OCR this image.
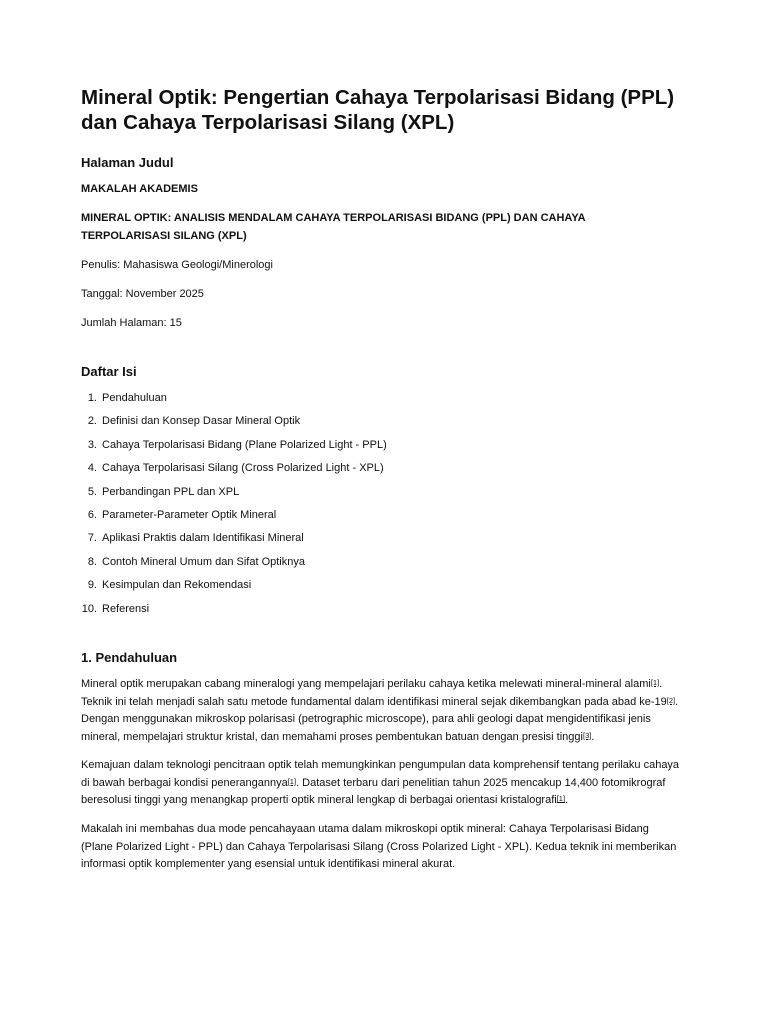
Mineral Optik: Pengertian Cahaya Terpolarisasi Bidang (PPL) dan Cahaya Terpolarisasi Silang (XPL)
Halaman Judul
MAKALAH AKADEMIS
MINERAL OPTIK: ANALISIS MENDALAM CAHAYA TERPOLARISASI BIDANG (PPL) DAN CAHAYA TERPOLARISASI SILANG (XPL)
Penulis: Mahasiswa Geologi/Minerologi
Tanggal: November 2025
Jumlah Halaman: 15
Daftar Isi
1. Pendahuluan
2. Definisi dan Konsep Dasar Mineral Optik
3. Cahaya Terpolarisasi Bidang (Plane Polarized Light - PPL)
4. Cahaya Terpolarisasi Silang (Cross Polarized Light - XPL)
5. Perbandingan PPL dan XPL
6. Parameter-Parameter Optik Mineral
7. Aplikasi Praktis dalam Identifikasi Mineral
8. Contoh Mineral Umum dan Sifat Optiknya
9. Kesimpulan dan Rekomendasi
10. Referensi
1. Pendahuluan

Mineral optik merupakan cabang mineralogi yang mempelajari perilaku cahaya ketika melewati mineral-mineral alami[1]. Teknik ini telah menjadi salah satu metode fundamental dalam identifikasi mineral sejak dikembangkan pada abad ke-19[2]. Dengan menggunakan mikroskop polarisasi (petrographic microscope), para ahli geologi dapat mengidentifikasi jenis mineral, mempelajari struktur kristal, dan memahami proses pembentukan batuan dengan presisi tinggi[3].

Kemajuan dalam teknologi pencitraan optik telah memungkinkan pengumpulan data komprehensif tentang perilaku cahaya di bawah berbagai kondisi penerangannya[1]. Dataset terbaru dari penelitian tahun 2025 mencakup 14,400 fotomikrograf beresolusi tinggi yang menangkap properti optik mineral lengkap di berbagai orientasi kristalografi[1].

Makalah ini membahas dua mode pencahayaan utama dalam mikroskopi optik mineral: Cahaya Terpolarisasi Bidang (Plane Polarized Light - PPL) dan Cahaya Terpolarisasi Silang (Cross Polarized Light - XPL). Kedua teknik ini memberikan informasi optik komplementer yang esensial untuk identifikasi mineral akurat.
